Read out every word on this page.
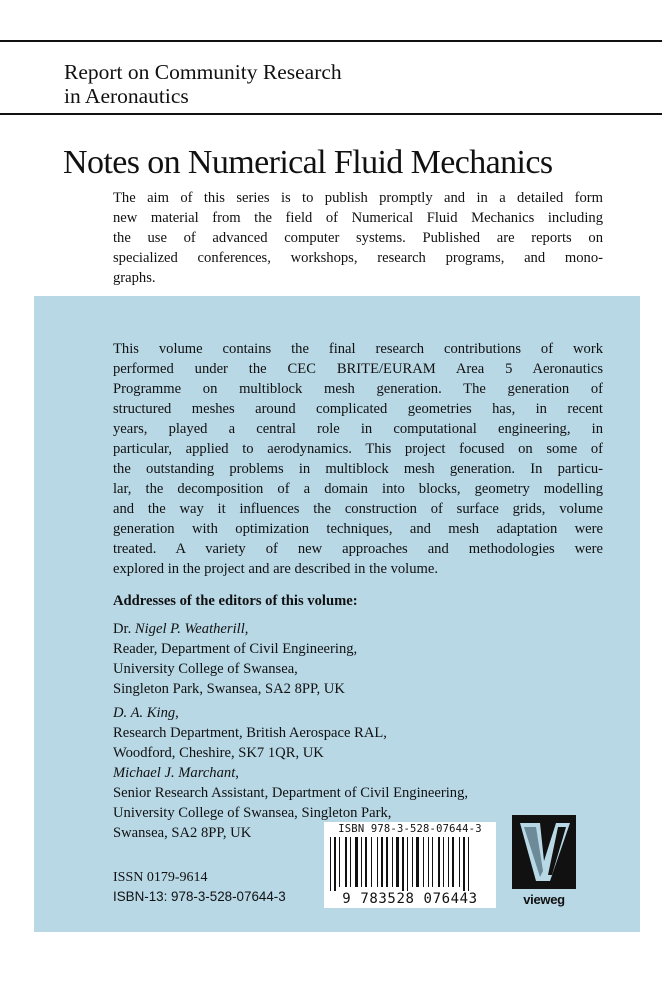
Report on Community Research
in Aeronautics
Notes on Numerical Fluid Mechanics
The aim of this series is to publish promptly and in a detailed form
new material from the field of Numerical Fluid Mechanics including
the use of advanced computer systems. Published are reports on
specialized conferences, workshops, research programs, and mono-
graphs.
This volume contains the final research contributions of work
performed under the CEC BRITE/EURAM Area 5 Aeronautics
Programme on multiblock mesh generation. The generation of
structured meshes around complicated geometries has, in recent
years, played a central role in computational engineering, in
particular, applied to aerodynamics. This project focused on some of
the outstanding problems in multiblock mesh generation. In particu-
lar, the decomposition of a domain into blocks, geometry modelling
and the way it influences the construction of surface grids, volume
generation with optimization techniques, and mesh adaptation were
treated. A variety of new approaches and methodologies were
explored in the project and are described in the volume.
Addresses of the editors of this volume:
Dr. Nigel P. Weatherill,
Reader, Department of Civil Engineering,
University College of Swansea,
Singleton Park, Swansea, SA2 8PP, UK
D. A. King,
Research Department, British Aerospace RAL,
Woodford, Cheshire, SK7 1QR, UK
Michael J. Marchant,
Senior Research Assistant, Department of Civil Engineering,
University College of Swansea, Singleton Park,
Swansea, SA2 8PP, UK
ISSN 0179-9614
ISBN-13: 978-3-528-07644-3
ISBN 978-3-528-07644-3
9 783528 076443	vieweg
